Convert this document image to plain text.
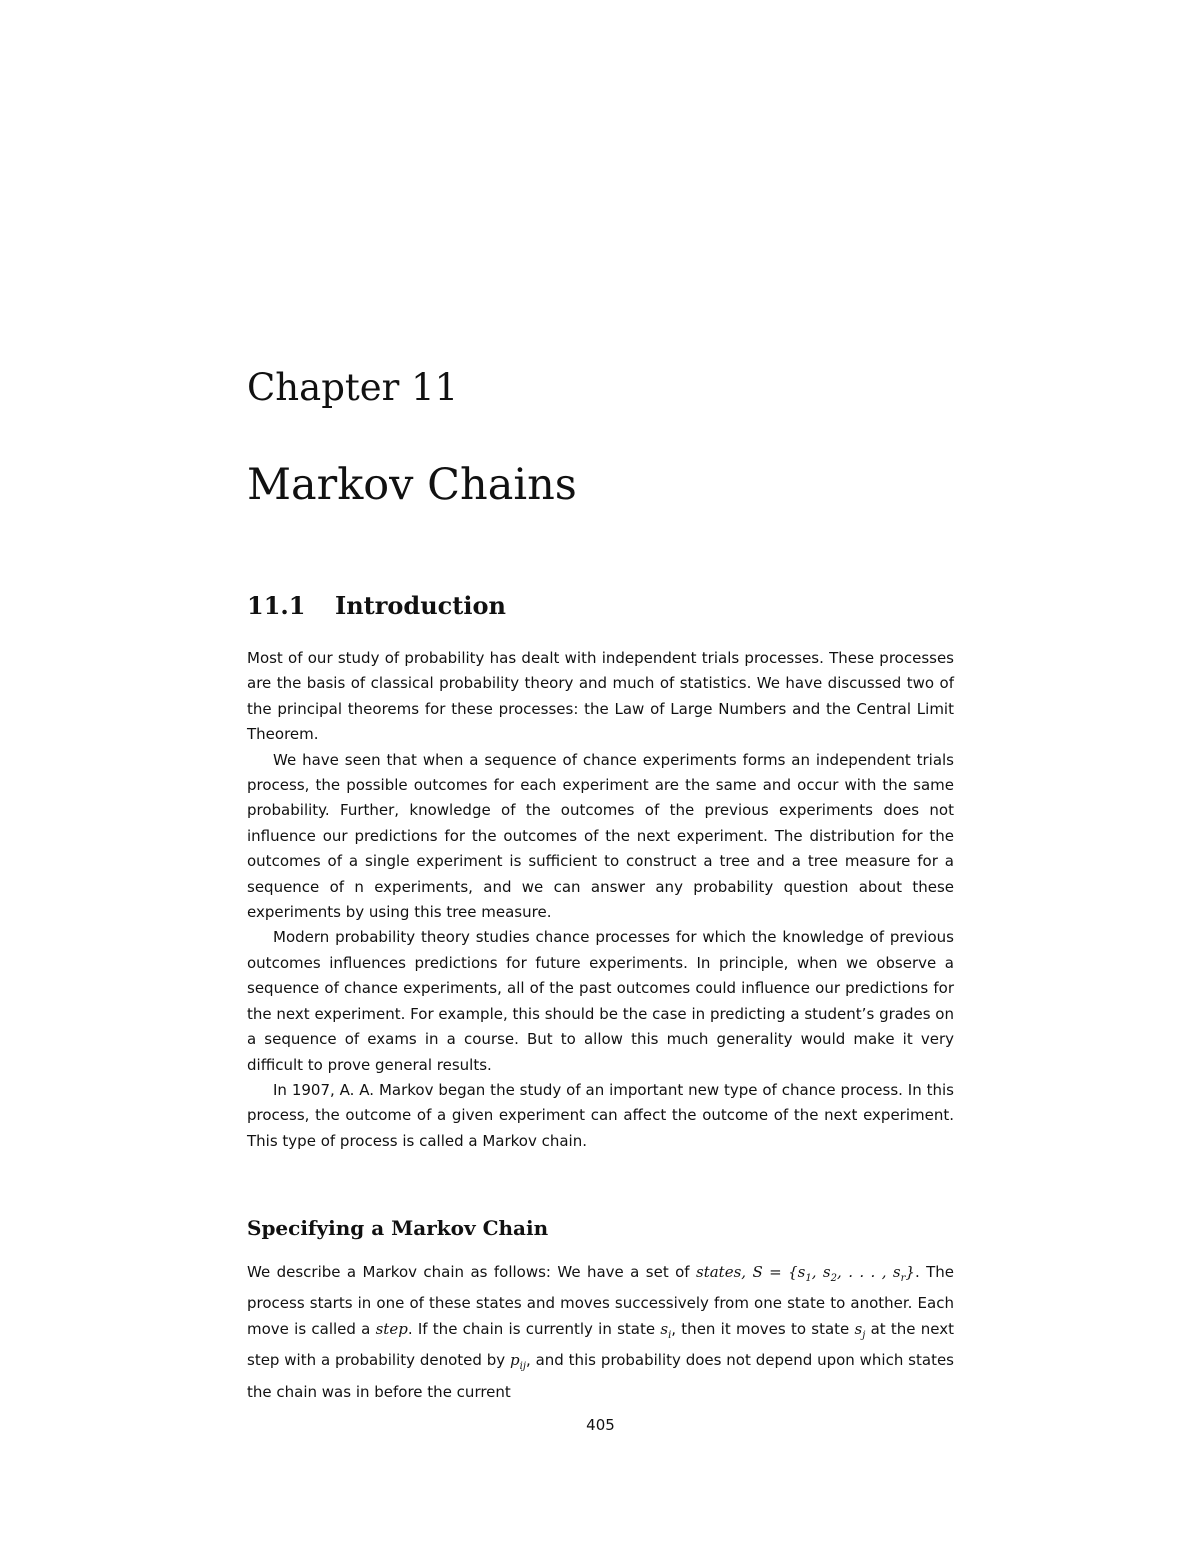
Chapter 11
Markov Chains
11.1 Introduction

Most of our study of probability has dealt with independent trials processes. These processes are the basis of classical probability theory and much of statistics. We have discussed two of the principal theorems for these processes: the Law of Large Numbers and the Central Limit Theorem.

We have seen that when a sequence of chance experiments forms an independent trials process, the possible outcomes for each experiment are the same and occur with the same probability. Further, knowledge of the outcomes of the previous experiments does not influence our predictions for the outcomes of the next experiment. The distribution for the outcomes of a single experiment is sufficient to construct a tree and a tree measure for a sequence of n experiments, and we can answer any probability question about these experiments by using this tree measure.

Modern probability theory studies chance processes for which the knowledge of previous outcomes influences predictions for future experiments. In principle, when we observe a sequence of chance experiments, all of the past outcomes could influence our predictions for the next experiment. For example, this should be the case in predicting a student’s grades on a sequence of exams in a course. But to allow this much generality would make it very difficult to prove general results.

In 1907, A. A. Markov began the study of an important new type of chance process. In this process, the outcome of a given experiment can affect the outcome of the next experiment. This type of process is called a Markov chain.

Specifying a Markov Chain

We describe a Markov chain as follows: We have a set of states, $S = \{s_1$, $s_2$, . . . , $s_r$}. The process starts in one of these states and moves successively from one state to another. Each move is called a step. If the chain is currently in state $s_i$, then it moves to state $s_j$ at the next step with a probability denoted by $p_{ij}$, and this probability does not depend upon which states the chain was in before the current

405
